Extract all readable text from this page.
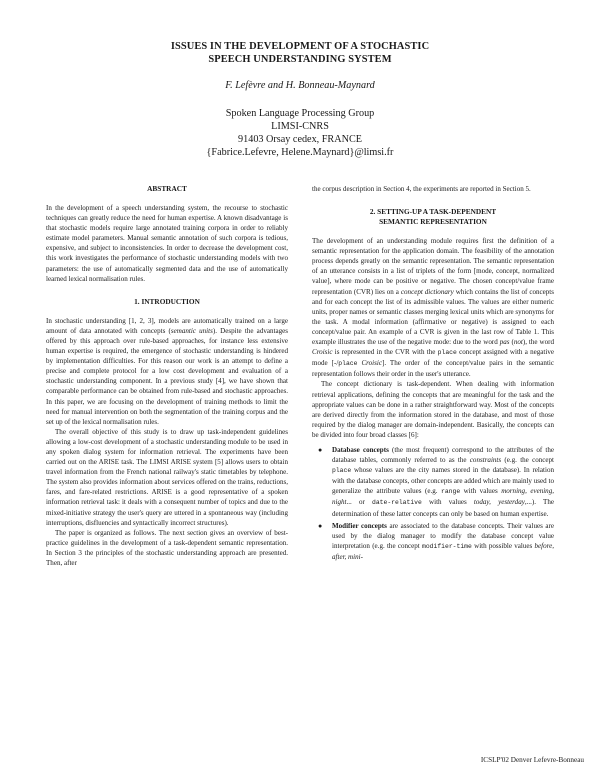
ISSUES IN THE DEVELOPMENT OF A STOCHASTIC
SPEECH UNDERSTANDING SYSTEM
F. Lefèvre and H. Bonneau-Maynard
Spoken Language Processing Group
LIMSI-CNRS
91403 Orsay cedex, FRANCE
{Fabrice.Lefevre, Helene.Maynard}@limsi.fr
ABSTRACT

In the development of a speech understanding system, the recourse to stochastic techniques can greatly reduce the need for human expertise. A known disadvantage is that stochastic models require large annotated training corpora in order to reliably estimate model parameters. Manual semantic annotation of such corpora is tedious, expensive, and subject to inconsistencies. In order to decrease the development cost, this work investigates the performance of stochastic understanding models with two parameters: the use of automatically segmented data and the use of automatically learned lexical normalisation rules.

1. INTRODUCTION

In stochastic understanding [1, 2, 3], models are automatically trained on a large amount of data annotated with concepts (semantic units). Despite the advantages offered by this approach over rule-based approaches, for instance less extensive human expertise is required, the emergence of stochastic understanding is hindered by implementation difficulties. For this reason our work is an attempt to define a precise and complete protocol for a low cost development and evaluation of a stochastic understanding component. In a previous study [4], we have shown that comparable performance can be obtained from rule-based and stochastic approaches. In this paper, we are focusing on the development of training methods to limit the need for manual intervention on both the segmentation of the training corpus and the set up of the lexical normalisation rules.

The overall objective of this study is to draw up task-independent guidelines allowing a low-cost development of a stochastic understanding module to be used in any spoken dialog system for information retrieval. The experiments have been carried out on the ARISE task. The LIMSI ARISE system [5] allows users to obtain travel information from the French national railway's static timetables by telephone. The system also provides information about services offered on the trains, reductions, fares, and fare-related restrictions. ARISE is a good representative of a spoken information retrieval task: it deals with a consequent number of topics and due to the mixed-initiative strategy the user's query are uttered in a spontaneous way (including interruptions, disfluencies and syntactically incorrect structures).

The paper is organized as follows. The next section gives an overview of best-practice guidelines in the development of a task-dependent semantic representation. In Section 3 the principles of the stochastic understanding approach are presented. Then, after

the corpus description in Section 4, the experiments are reported in Section 5.

2. SETTING-UP A TASK-DEPENDENT
SEMANTIC REPRESENTATION

The development of an understanding module requires first the definition of a semantic representation for the application domain. The feasibility of the annotation process depends greatly on the semantic representation. The semantic representation of an utterance consists in a list of triplets of the form [mode, concept, normalized value], where mode can be positive or negative. The chosen concept/value frame representation (CVR) lies on a concept dictionary which contains the list of concepts and for each concept the list of its admissible values. The values are either numeric units, proper names or semantic classes merging lexical units which are synonyms for the task. A modal information (affirmative or negative) is assigned to each concept/value pair. An example of a CVR is given in the last row of Table 1. This example illustrates the use of the negative mode: due to the word pas (not), the word Croisic is represented in the CVR with the place concept assigned with a negative mode [-/place Croisic]. The order of the concept/value pairs in the semantic representation follows their order in the user's utterance.

The concept dictionary is task-dependent. When dealing with information retrieval applications, defining the concepts that are meaningful for the task and the appropriate values can be done in a rather straightforward way. Most of the concepts are derived directly from the information stored in the database, and most of those required by the dialog manager are domain-independent. Basically, the concepts can be divided into four broad classes [6]:

● Database concepts (the most frequent) correspond to the attributes of the database tables, commonly referred to as the constraints (e.g. the concept place whose values are the city names stored in the database). In relation with the database concepts, other concepts are added which are mainly used to generalize the attribute values (e.g. range with values morning, evening, night... or date-relative with values today, yesterday,...). The determination of these latter concepts can only be based on human expertise.
● Modifier concepts are associated to the database concepts. Their values are used by the dialog manager to modify the database concept value interpretation (e.g. the concept modifier-time with possible values before, after, mini-
ICSLP'02 Denver Lefevre-Bonneau
